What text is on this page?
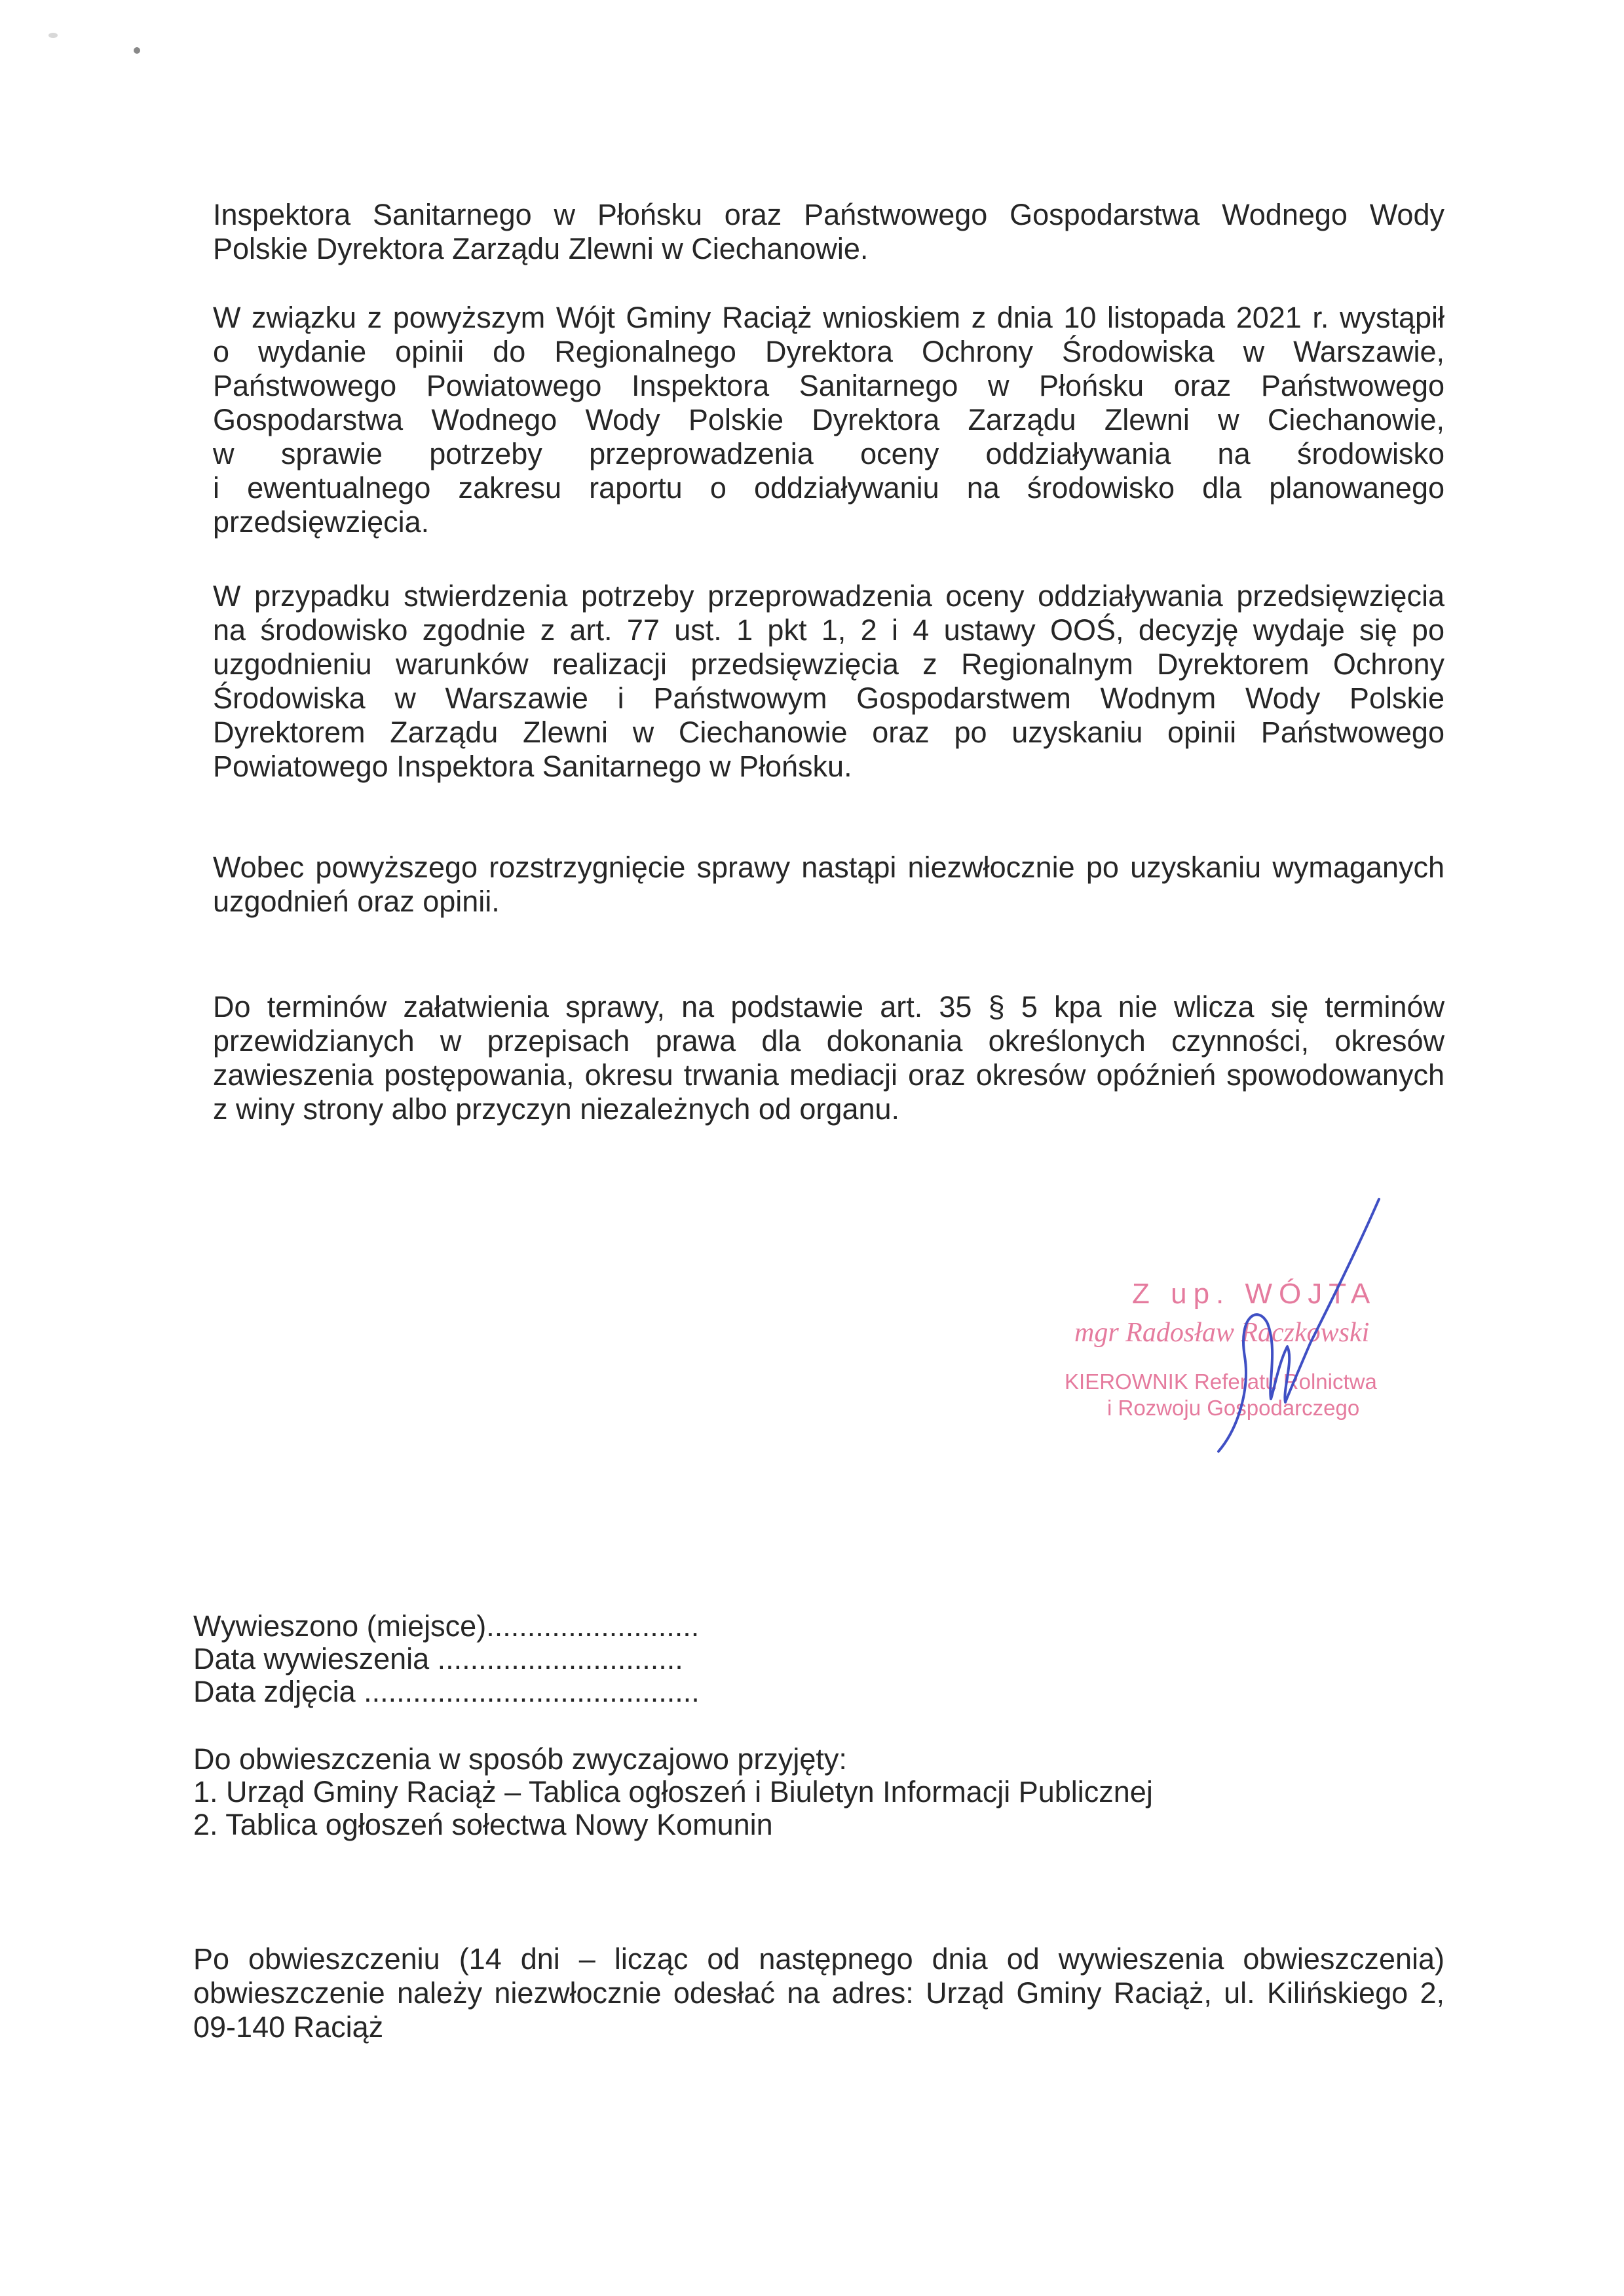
Inspektora Sanitarnego w Płońsku oraz Państwowego Gospodarstwa Wodnego Wody
Polskie Dyrektora Zarządu Zlewni w Ciechanowie.
W związku z powyższym Wójt Gminy Raciąż wnioskiem z dnia 10 listopada 2021 r. wystąpił
o wydanie opinii do Regionalnego Dyrektora Ochrony Środowiska w Warszawie,
Państwowego Powiatowego Inspektora Sanitarnego w Płońsku oraz Państwowego
Gospodarstwa Wodnego Wody Polskie Dyrektora Zarządu Zlewni w Ciechanowie,
w sprawie potrzeby przeprowadzenia oceny oddziaływania na środowisko
i ewentualnego zakresu raportu o oddziaływaniu na środowisko dla planowanego
przedsięwzięcia.
W przypadku stwierdzenia potrzeby przeprowadzenia oceny oddziaływania przedsięwzięcia
na środowisko zgodnie z art. 77 ust. 1 pkt 1, 2 i 4 ustawy OOŚ, decyzję wydaje się po
uzgodnieniu warunków realizacji przedsięwzięcia z Regionalnym Dyrektorem Ochrony
Środowiska w Warszawie i Państwowym Gospodarstwem Wodnym Wody Polskie
Dyrektorem Zarządu Zlewni w Ciechanowie oraz po uzyskaniu opinii Państwowego
Powiatowego Inspektora Sanitarnego w Płońsku.
Wobec powyższego rozstrzygnięcie sprawy nastąpi niezwłocznie po uzyskaniu wymaganych
uzgodnień oraz opinii.
Do terminów załatwienia sprawy, na podstawie art. 35 § 5 kpa nie wlicza się terminów
przewidzianych w przepisach prawa dla dokonania określonych czynności, okresów
zawieszenia postępowania, okresu trwania mediacji oraz okresów opóźnień spowodowanych
z winy strony albo przyczyn niezależnych od organu.
Z up. WÓJTA
mgr Radosław Raczkowski
KIEROWNIK Referatu Rolnictwa
i Rozwoju Gospodarczego
Wywieszono (miejsce)..........................
Data wywieszenia ..............................
Data zdjęcia .........................................
Do obwieszczenia w sposób zwyczajowo przyjęty:
1. Urząd Gminy Raciąż – Tablica ogłoszeń i Biuletyn Informacji Publicznej
2. Tablica ogłoszeń sołectwa Nowy Komunin
Po obwieszczeniu (14 dni – licząc od następnego dnia od wywieszenia obwieszczenia)
obwieszczenie należy niezwłocznie odesłać na adres: Urząd Gminy Raciąż, ul. Kilińskiego 2,
09-140 Raciąż
